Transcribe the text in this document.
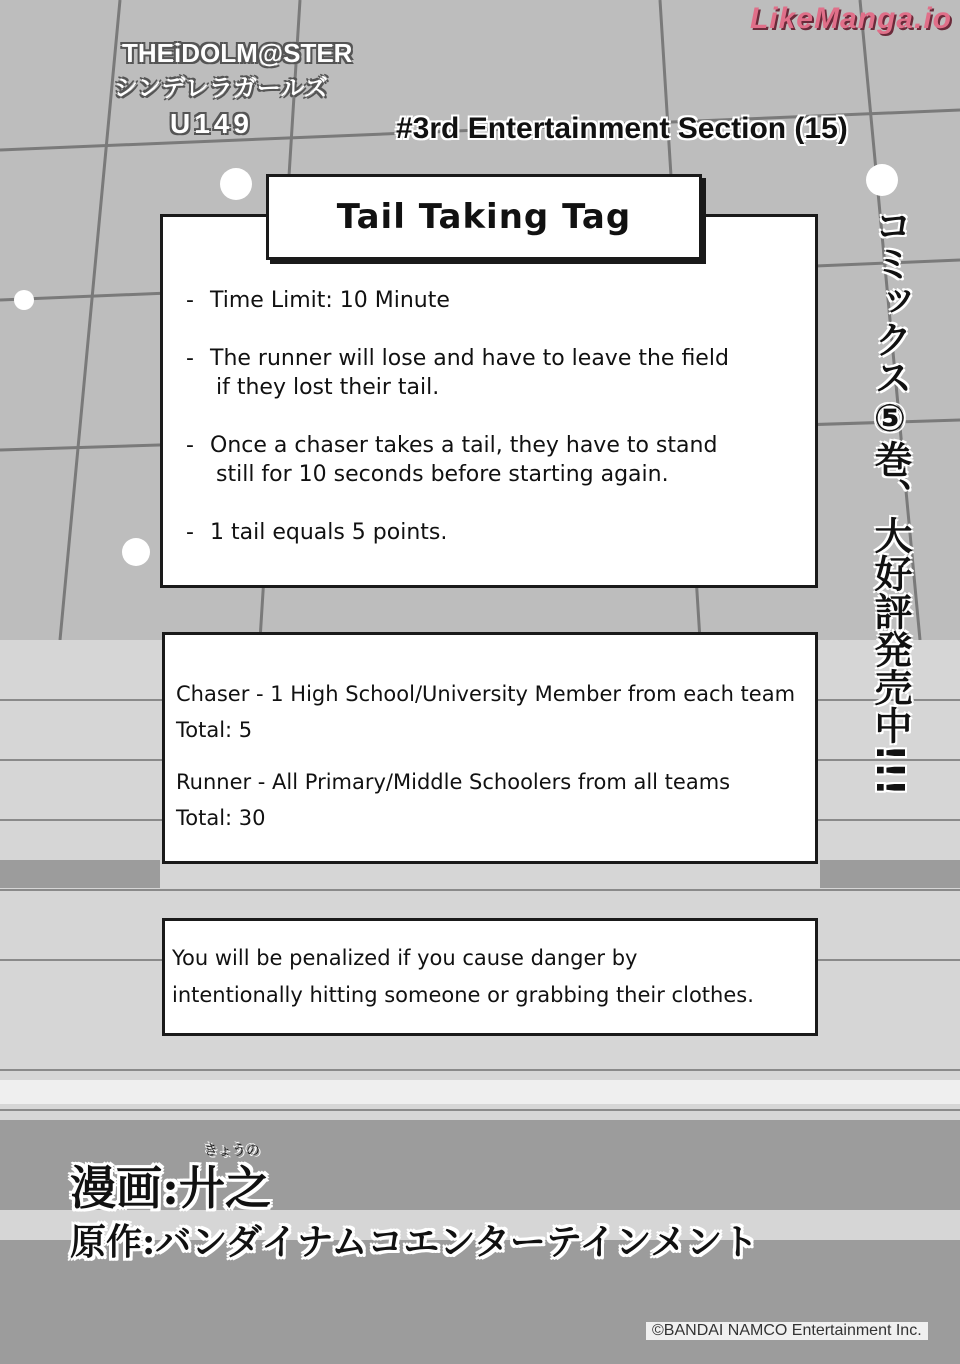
LikeManga.io
THEiDOLM@STER
シンデレラガールズ
U149	#3rd Entertainment Section (15)
Tail Taking Tag
- Time Limit: 10 Minute
- The runner will lose and have to leave the field
if they lost their tail.
- Once a chaser takes a tail, they have to stand
still for 10 seconds before starting again.
- 1 tail equals 5 points.

Chaser - 1 High School/University Member from each team

Total: 5

Runner - All Primary/Middle Schoolers from all teams

Total: 30

You will be penalized if you cause danger by
intentionally hitting someone or grabbing their clothes.
コミックス⑤巻、大好評発売中!!!
きょうの
漫画:廾之
原作:バンダイナムコエンターテインメント
©BANDAI NAMCO Entertainment Inc.
